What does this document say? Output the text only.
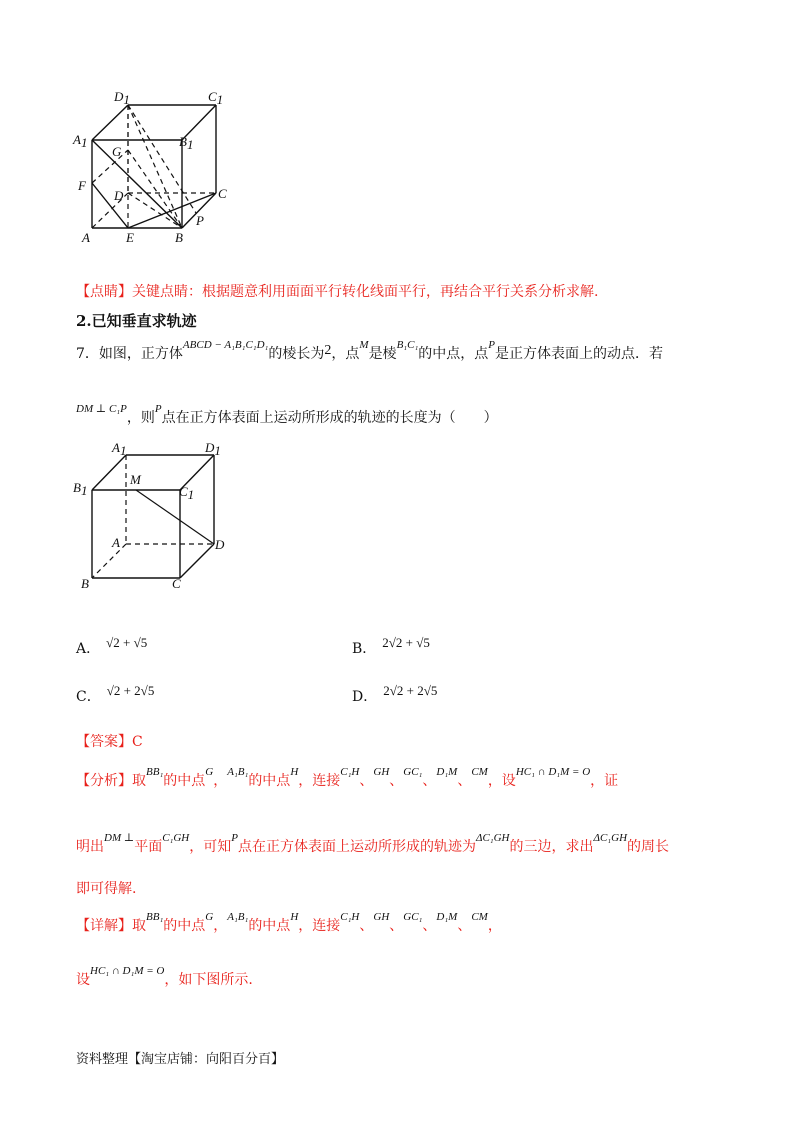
D1	C1
A1	B1
G
F
D	C
P
A	E	B
【点睛】关键点睛：根据题意利用面面平行转化线面平行，再结合平行关系分析求解.
2.已知垂直求轨迹
7．如图，正方体$^{ABCD - A_1B_1C_1D_1}$的棱长为2，点$^M$是棱$^{B_1C_1}$的中点，点$^P$是正方体表面上的动点．若
$^{DM \perp C_1P}$，则$^P$点在正方体表面上运动所形成的轨迹的长度为（　　）
A1	D1
M
B1	C1
A	D
B	C
A． √2 + √5	B． 2√2 + √5
C． √2 + 2√5	D． 2√2 + 2√5
【答案】C
【分析】取$^{BB_1}$的中点$^G$，$^{A_1B_1}$的中点$^H$，连接$^{C_1H}$、$^{GH}$、$^{GC_1}$、$^{D_1M}$、$^{CM}$，设$^{HC_1 \cap D_1M = O}$，证
明出$^{DM \perp}$平面$^{C_1GH}$，可知$^P$点在正方体表面上运动所形成的轨迹为$^{\Delta C_1GH}$的三边，求出$^{\Delta C_1GH}$的周长
即可得解.
【详解】取$^{BB_1}$的中点$^G$，$^{A_1B_1}$的中点$^H$，连接$^{C_1H}$、$^{GH}$、$^{GC_1}$、$^{D_1M}$、$^{CM}$，
设$^{HC_1 \cap D_1M = O}$，如下图所示.
资料整理【淘宝店铺：向阳百分百】
